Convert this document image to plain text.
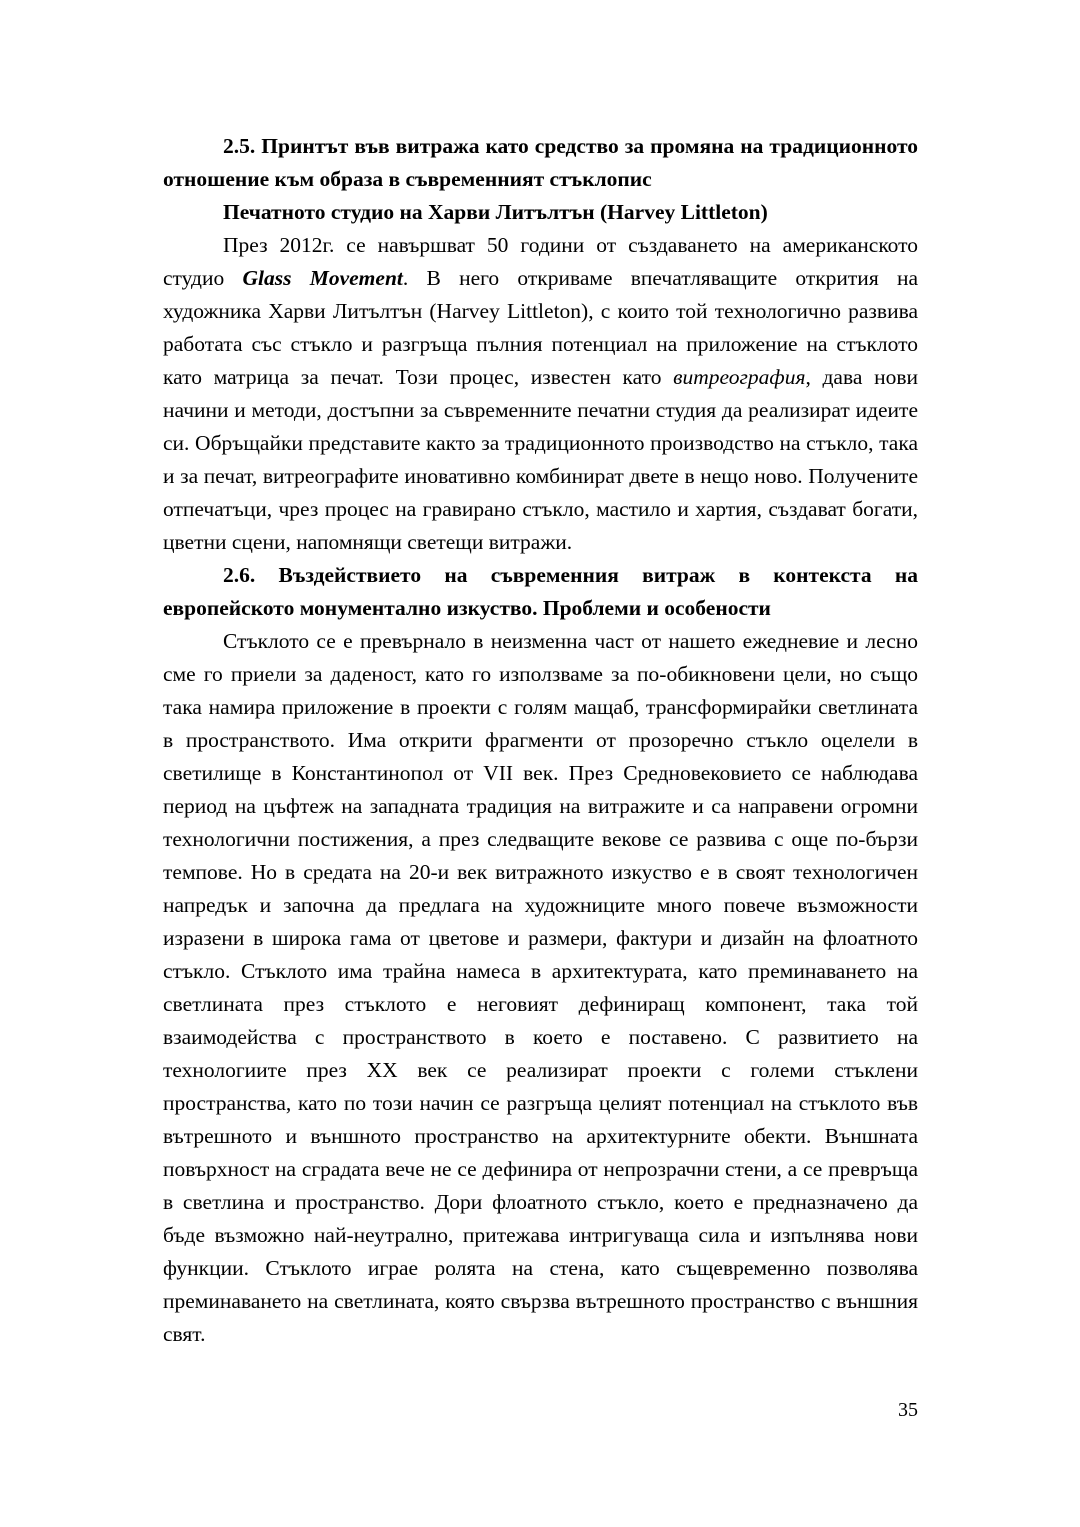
2.5. Принтът във витража като средство за промяна на традиционното отношение към образа в съвременният стъклопис

Печатното студио на Харви Литълтън (Harvey Littleton)

През 2012г. се навършват 50 години от създаването на американското студио Glass Movement. В него откриваме впечатляващите открития на художника Харви Литълтън (Harvey Littleton), с които той технологично развива работата със стъкло и разгръща пълния потенциал на приложение на стъклото като матрица за печат. Този процес, известен като витреография, дава нови начини и методи, достъпни за съвременните печатни студия да реализират идеите си. Обръщайки представите както за традиционното производство на стъкло, така и за печат, витреографите иновативно комбинират двете в нещо ново. Получените отпечатъци, чрез процес на гравирано стъкло, мастило и хартия, създават богати, цветни сцени, напомнящи светещи витражи.

2.6. Въздействието на съвременния витраж в контекста на европейското монументално изкуство. Проблеми и особености

Стъклото се е превърнало в неизменна част от нашето ежедневие и лесно сме го приели за даденост, като го използваме за по-обикновени цели, но също така намира приложение в проекти с голям мащаб, трансформирайки светлината в пространството. Има открити фрагменти от прозоречно стъкло оцелели в светилище в Константинопол от VII век. През Средновековието се наблюдава период на цъфтеж на западната традиция на витражите и са направени огромни технологични постижения, а през следващите векове се развива с още по-бързи темпове. Но в средата на 20-и век витражното изкуство е в своят технологичен напредък и започна да предлага на художниците много повече възможности изразени в широка гама от цветове и размери, фактури и дизайн на флоатното стъкло. Стъклото има трайна намеса в архитектурата, като преминаването на светлината през стъклото е неговият дефиниращ компонент, така той взаимодейства с пространството в което е поставено. С развитието на технологиите през XX век се реализират проекти с големи стъклени пространства, като по този начин се разгръща целият потенциал на стъклото във вътрешното и външното пространство на архитектурните обекти. Външната повърхност на сградата вече не се дефинира от непрозрачни стени, а се превръща в светлина и пространство. Дори флоатното стъкло, което е предназначено да бъде възможно най-неутрално, притежава интригуваща сила и изпълнява нови функции. Стъклото играе ролята на стена, като същевременно позволява преминаването на светлината, която свързва вътрешното пространство с външния свят.

35
